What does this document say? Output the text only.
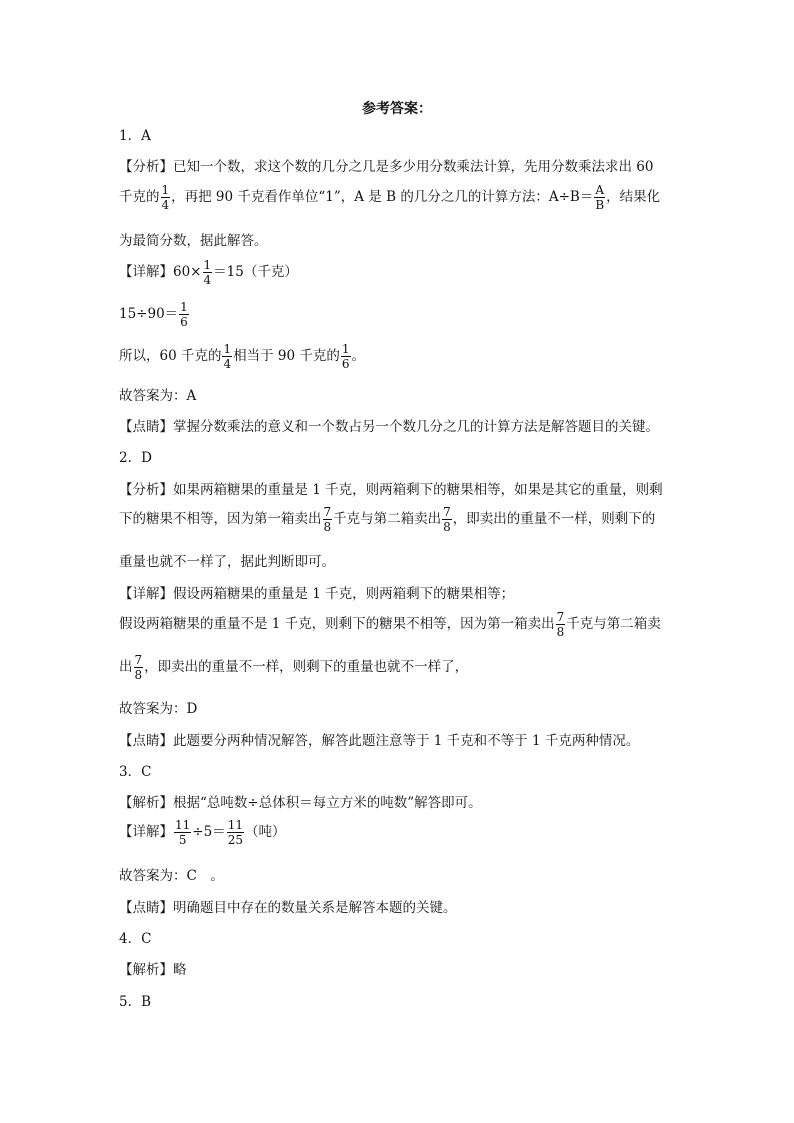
参考答案：
1．A
【分析】已知一个数，求这个数的几分之几是多少用分数乘法计算，先用分数乘法求出 60
千克的 $\frac{1}{4}$ ，再把 90 千克看作单位“1”，A 是 B 的几分之几的计算方法：$A\div B= \frac{A}{B}$ ，结果化
为最简分数，据此解答。
【详解】$60\times \frac{1}{4} =15$（千克）
$15\div 90= \frac{1}{6}$
所以，60 千克的 $\frac{1}{4}$ 相当于 90 千克的 $\frac{1}{6}$ 。
故答案为：A
【点睛】掌握分数乘法的意义和一个数占另一个数几分之几的计算方法是解答题目的关键。
2．D
【分析】如果两箱糖果的重量是 1 千克，则两箱剩下的糖果相等，如果是其它的重量，则剩
下的糖果不相等，因为第一箱卖出 $\frac{7}{8}$ 千克与第二箱卖出 $\frac{7}{8}$ ，即卖出的重量不一样，则剩下的
重量也就不一样了，据此判断即可。
【详解】假设两箱糖果的重量是 1 千克，则两箱剩下的糖果相等；
假设两箱糖果的重量不是 1 千克，则剩下的糖果不相等，因为第一箱卖出 $\frac{7}{8}$ 千克与第二箱卖
出 $\frac{7}{8}$ ，即卖出的重量不一样，则剩下的重量也就不一样了，
故答案为：D
【点睛】此题要分两种情况解答，解答此题注意等于 1 千克和不等于 1 千克两种情况。
3．C
【解析】根据“总吨数÷总体积＝每立方米的吨数”解答即可。
【详解】 $\frac{11}{5} \div 5= \frac{11}{25}$ （吨）
故答案为：C　。
【点睛】明确题目中存在的数量关系是解答本题的关键。
4．C
【解析】略
5．B
